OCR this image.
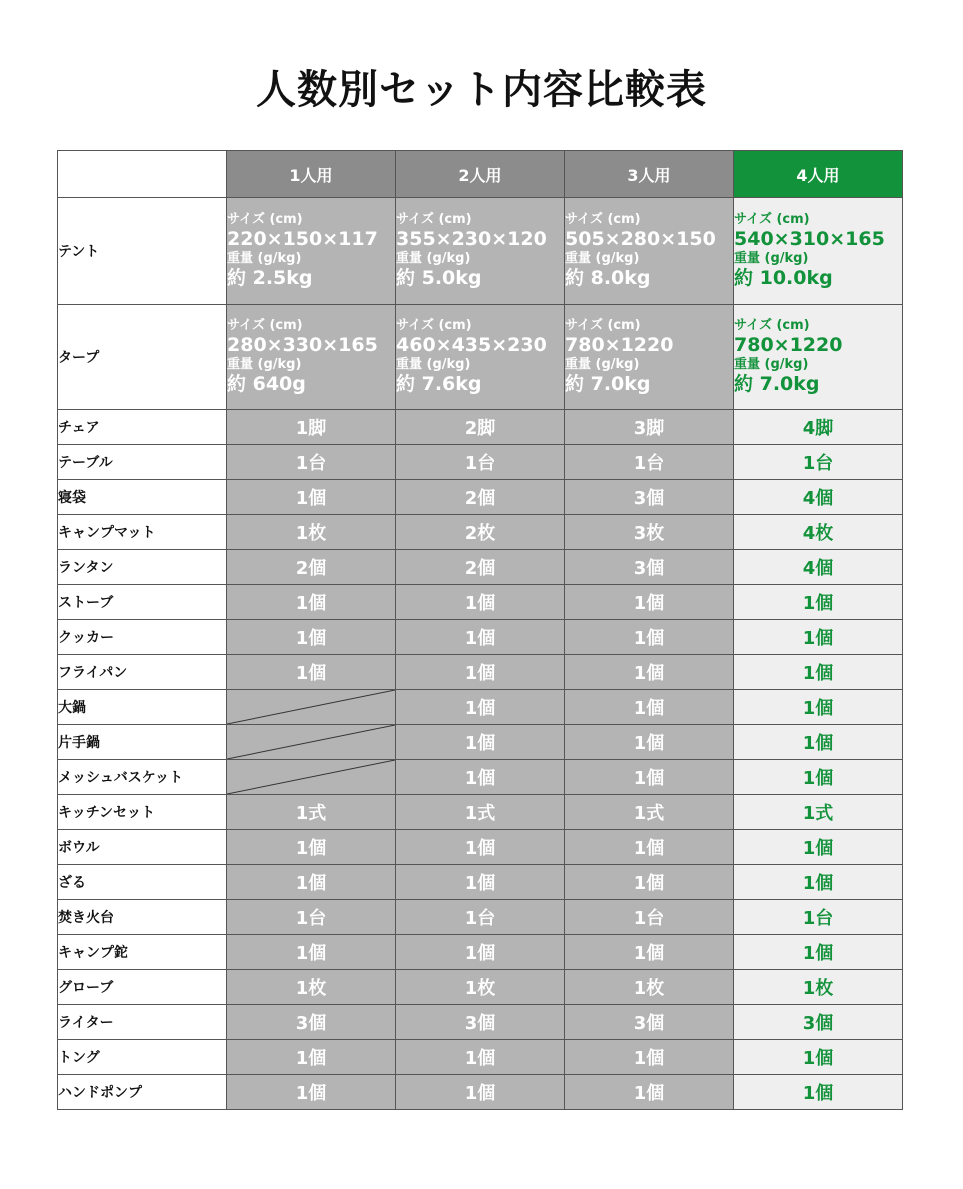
人数別セット内容比較表
	1人用	2人用	3人用	4人用
テント	サイズ (cm)
220×150×117
重量 (g/kg)
約 2.5kg	サイズ (cm)
355×230×120
重量 (g/kg)
約 5.0kg	サイズ (cm)
505×280×150
重量 (g/kg)
約 8.0kg	サイズ (cm)
540×310×165
重量 (g/kg)
約 10.0kg

タープ	サイズ (cm)
280×330×165
重量 (g/kg)
約 640g	サイズ (cm)
460×435×230
重量 (g/kg)
約 7.6kg	サイズ (cm)
780×1220
重量 (g/kg)
約 7.0kg	サイズ (cm)
780×1220
重量 (g/kg)
約 7.0kg

チェア	1脚	2脚	3脚	4脚
テーブル	1台	1台	1台	1台
寝袋	1個	2個	3個	4個
キャンプマット	1枚	2枚	3枚	4枚
ランタン	2個	2個	3個	4個
ストーブ	1個	1個	1個	1個
クッカー	1個	1個	1個	1個
フライパン	1個	1個	1個	1個
大鍋		1個	1個	1個
片手鍋		1個	1個	1個
メッシュバスケット		1個	1個	1個
キッチンセット	1式	1式	1式	1式
ボウル	1個	1個	1個	1個
ざる	1個	1個	1個	1個
焚き火台	1台	1台	1台	1台
キャンプ鉈	1個	1個	1個	1個
グローブ	1枚	1枚	1枚	1枚
ライター	3個	3個	3個	3個
トング	1個	1個	1個	1個
ハンドポンプ	1個	1個	1個	1個
